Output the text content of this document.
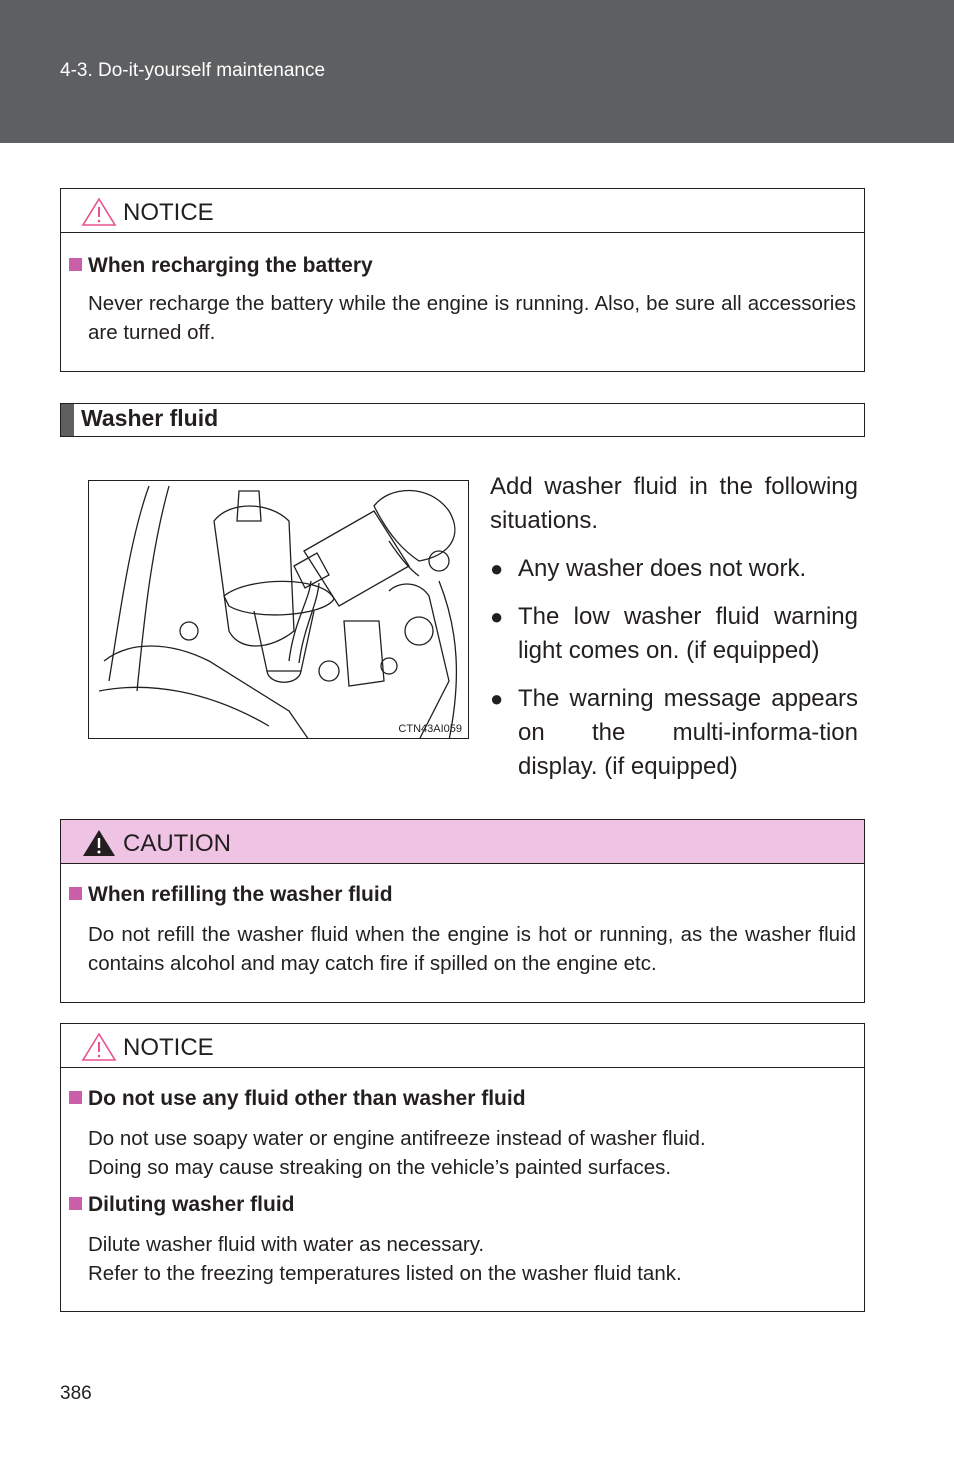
4-3. Do-it-yourself maintenance
NOTICE
When recharging the battery
Never recharge the battery while the engine is running. Also, be sure all accessories are turned off.
Washer fluid
CTN43AI059
Add washer fluid in the following situations.
● Any washer does not work.
● The low washer fluid warning light comes on. (if equipped)
● The warning message appears on the multi-informa-tion display. (if equipped)
CAUTION
When refilling the washer fluid
Do not refill the washer fluid when the engine is hot or running, as the washer fluid contains alcohol and may catch fire if spilled on the engine etc.
NOTICE
Do not use any fluid other than washer fluid
Do not use soapy water or engine antifreeze instead of washer fluid.
Doing so may cause streaking on the vehicle’s painted surfaces.
Diluting washer fluid
Dilute washer fluid with water as necessary.
Refer to the freezing temperatures listed on the washer fluid tank.
386
